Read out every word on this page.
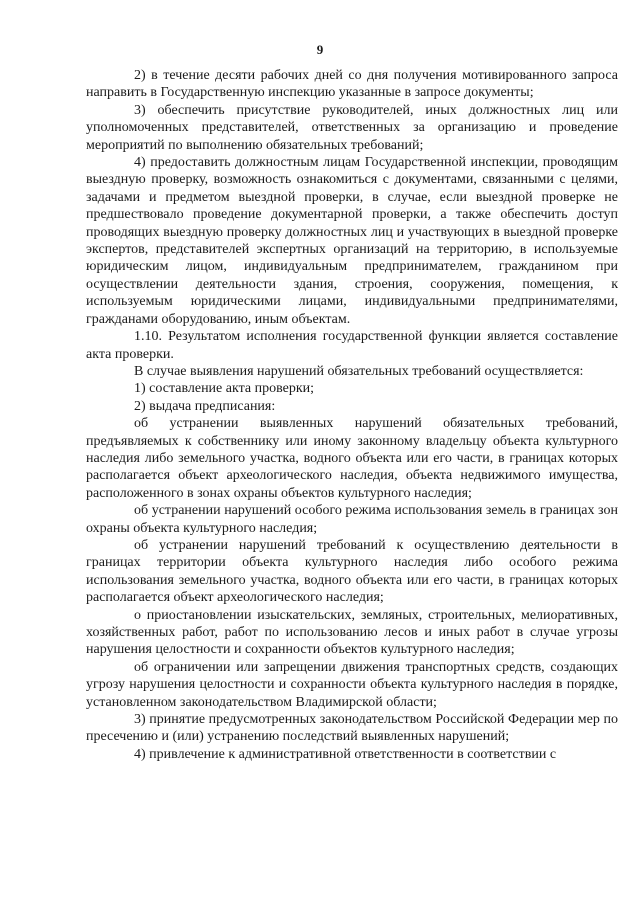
9

2) в течение десяти рабочих дней со дня получения мотивированного запроса направить в Государственную инспекцию указанные в запросе документы;

3) обеспечить присутствие руководителей, иных должностных лиц или уполномоченных представителей, ответственных за организацию и проведение мероприятий по выполнению обязательных требований;

4) предоставить должностным лицам Государственной инспекции, проводящим выездную проверку, возможность ознакомиться с документами, связанными с целями, задачами и предметом выездной проверки, в случае, если выездной проверке не предшествовало проведение документарной проверки, а также обеспечить доступ проводящих выездную проверку должностных лиц и участвующих в выездной проверке экспертов, представителей экспертных организаций на территорию, в используемые юридическим лицом, индивидуальным предпринимателем, гражданином при осуществлении деятельности здания, строения, сооружения, помещения, к используемым юридическими лицами, индивидуальными предпринимателями, гражданами оборудованию, иным объектам.

1.10. Результатом исполнения государственной функции является составление акта проверки.

В случае выявления нарушений обязательных требований осуществляется:

1) составление акта проверки;

2) выдача предписания:

об устранении выявленных нарушений обязательных требований, предъявляемых к собственнику или иному законному владельцу объекта культурного наследия либо земельного участка, водного объекта или его части, в границах которых располагается объект археологического наследия, объекта недвижимого имущества, расположенного в зонах охраны объектов культурного наследия;

об устранении нарушений особого режима использования земель в границах зон охраны объекта культурного наследия;

об устранении нарушений требований к осуществлению деятельности в границах территории объекта культурного наследия либо особого режима использования земельного участка, водного объекта или его части, в границах которых располагается объект археологического наследия;

о приостановлении изыскательских, земляных, строительных, мелиоративных, хозяйственных работ, работ по использованию лесов и иных работ в случае угрозы нарушения целостности и сохранности объектов культурного наследия;

об ограничении или запрещении движения транспортных средств, создающих угрозу нарушения целостности и сохранности объекта культурного наследия в порядке, установленном законодательством Владимирской области;

3) принятие предусмотренных законодательством Российской Федерации мер по пресечению и (или) устранению последствий выявленных нарушений;

4) привлечение к административной ответственности в соответствии с
